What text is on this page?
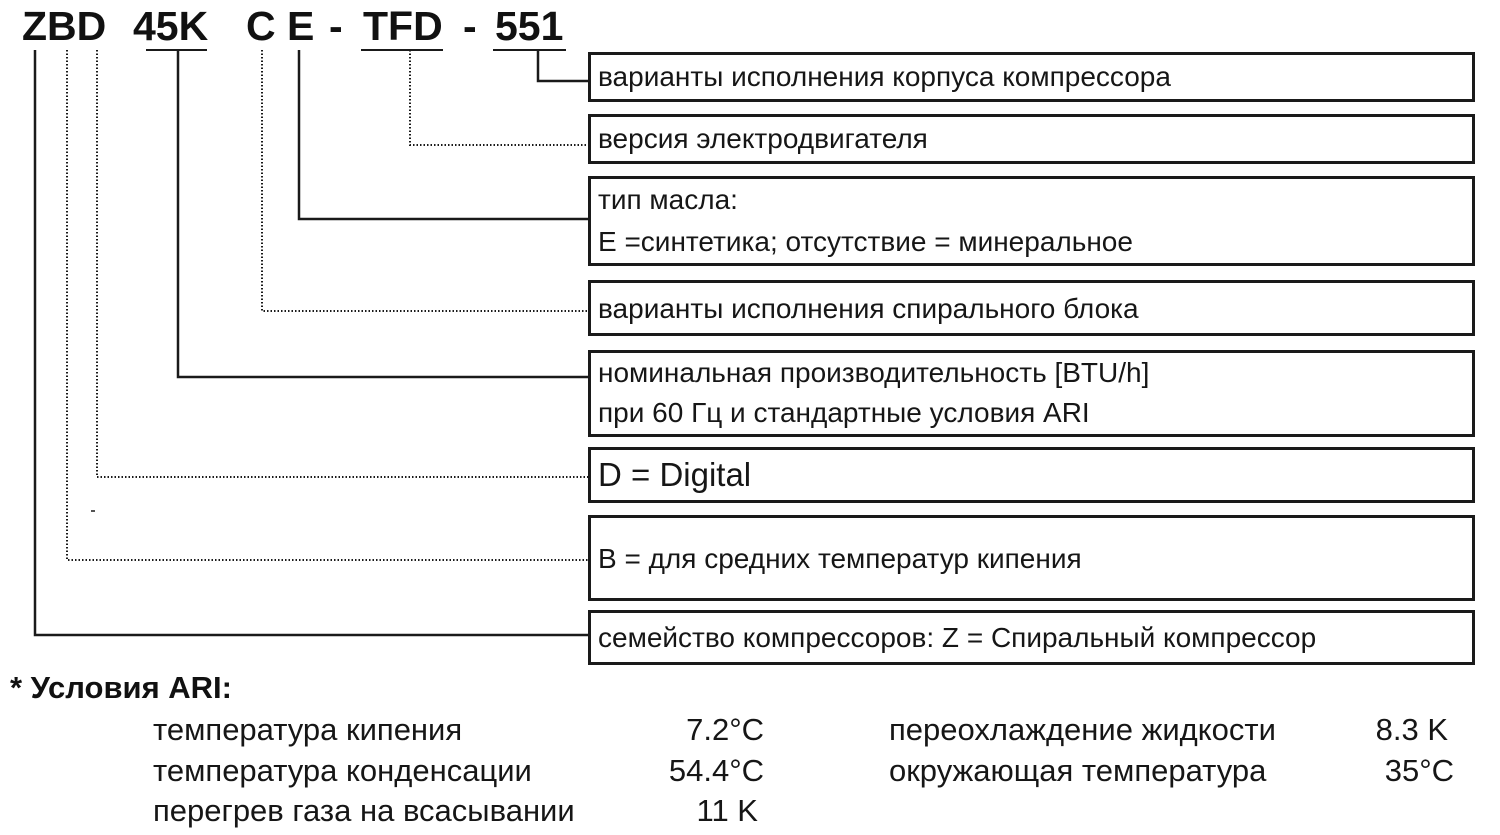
ZBD 45K C E - TFD - 551
варианты исполнения корпуса компрессора
версия электродвигателя
тип масла:
E =синтетика; отсутствие = минеральное
варианты исполнения спирального блока
номинальная производительность [BTU/h]
при 60 Гц и стандартные условия ARI
D = Digital
B = для средних температур кипения
семейство компрессоров: Z = Спиральный компрессор
* Условия ARI:
температура кипения	7.2°C
температура конденсации	54.4°C
перегрев газа на всасывании	11 K
переохлаждение жидкости	8.3 K
окружающая температура	35°C
